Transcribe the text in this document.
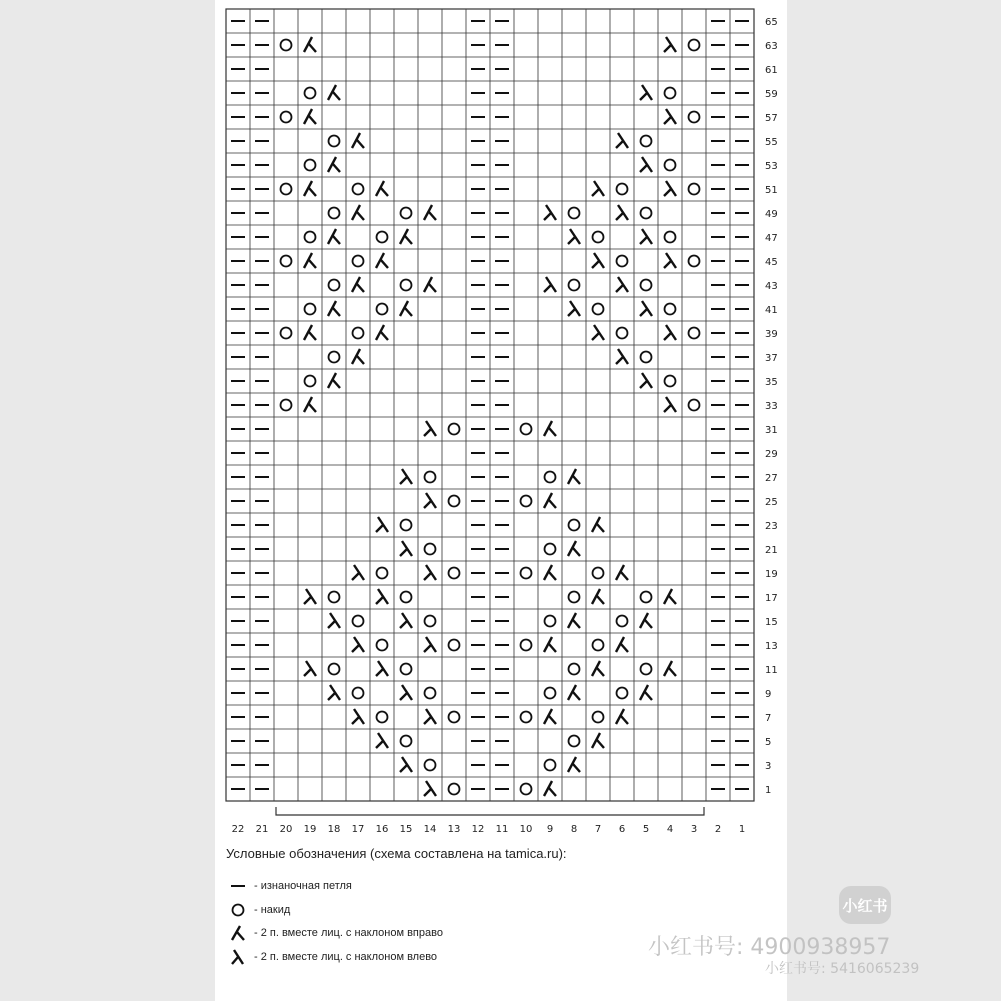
65
63
61
59
57
55
53
51
49
47
45
43
41
39
37
35
33
31
29
27
25
23
21
19
17
15
13
11
9
7
5
3
1
22 21 20 19 18 17 16 15 14 13 12 11 10 9 8 7 6 5 4 3 2 1
Условные обозначения (схема составлена на tamica.ru):
- изнаночная петля
- накид
- 2 п. вместе лиц. с наклоном вправо
- 2 п. вместе лиц. с наклоном влево
小红书
小红书号: 4900938957
小红书号: 5416065239
